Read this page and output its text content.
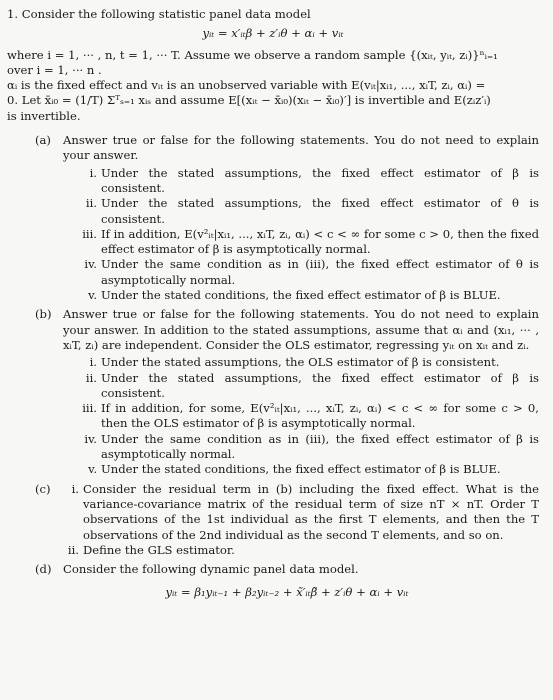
1. Consider the following statistic panel data model
yᵢₜ = x′ᵢₜβ + z′ᵢθ + αᵢ + vᵢₜ

where i = 1, ··· , n, t = 1, ··· T. Assume we observe a random sample {(xᵢₜ, yᵢₜ, zᵢ)}ⁿᵢ₌₁

over i = 1, ··· n .

αᵢ is the fixed effect and vᵢₜ is an unobserved variable with E(vᵢₜ|xᵢ₁, ..., xᵢT, zᵢ, αᵢ) =

0. Let x̄ᵢ₀ = (1/T) Σᵀₛ₌₁ xᵢₛ and assume E[(xᵢₜ − x̄ᵢ₀)(xᵢₜ − x̄ᵢ₀)′] is invertible and E(zᵢz′ᵢ)

is invertible.

(a)	Answer true or false for the following statements. You do not need to explain your answer.
i. Under the stated assumptions, the fixed effect estimator of β is consistent.
ii. Under the stated assumptions, the fixed effect estimator of θ is consistent.
iii. If in addition, E(v²ᵢₜ|xᵢ₁, ..., xᵢT, zᵢ, αᵢ) < c < ∞ for some c > 0, then the fixed effect estimator of β is asymptotically normal.
iv. Under the same condition as in (iii), the fixed effect estimator of θ is asymptotically normal.
v. Under the stated conditions, the fixed effect estimator of β is BLUE.
(b) Answer true or false for the following statements. You do not need to explain your answer. In addition to the stated assumptions, assume that αᵢ and (xᵢ₁, ··· , xᵢT, zᵢ) are independent. Consider the OLS estimator, regressing yᵢₜ on xᵢₜ and zᵢ.
i. Under the stated assumptions, the OLS estimator of β is consistent.
ii. Under the stated assumptions, the fixed effect estimator of β is consistent.
iii. If in addition, for some, E(v²ᵢₜ|xᵢ₁, ..., xᵢT, zᵢ, αᵢ) < c < ∞ for some c > 0, then the OLS estimator of β is asymptotically normal.
iv. Under the same condition as in (iii), the fixed effect estimator of β is asymptotically normal.
v. Under the stated conditions, the fixed effect estimator of β is BLUE.
(c)	i. Consider the residual term in (b) including the fixed effect. What is the variance-covariance matrix of the residual term of size nT × nT. Order T observations of the 1st individual as the first T elements, and then the T observations of the 2nd individual as the second T elements, and so on.
ii. Define the GLS estimator.
(d) Consider the following dynamic panel data model.
yᵢₜ = β₁yᵢₜ₋₁ + β₂yᵢₜ₋₂ + x̃′ᵢₜβ̃ + z′ᵢθ + αᵢ + vᵢₜ
